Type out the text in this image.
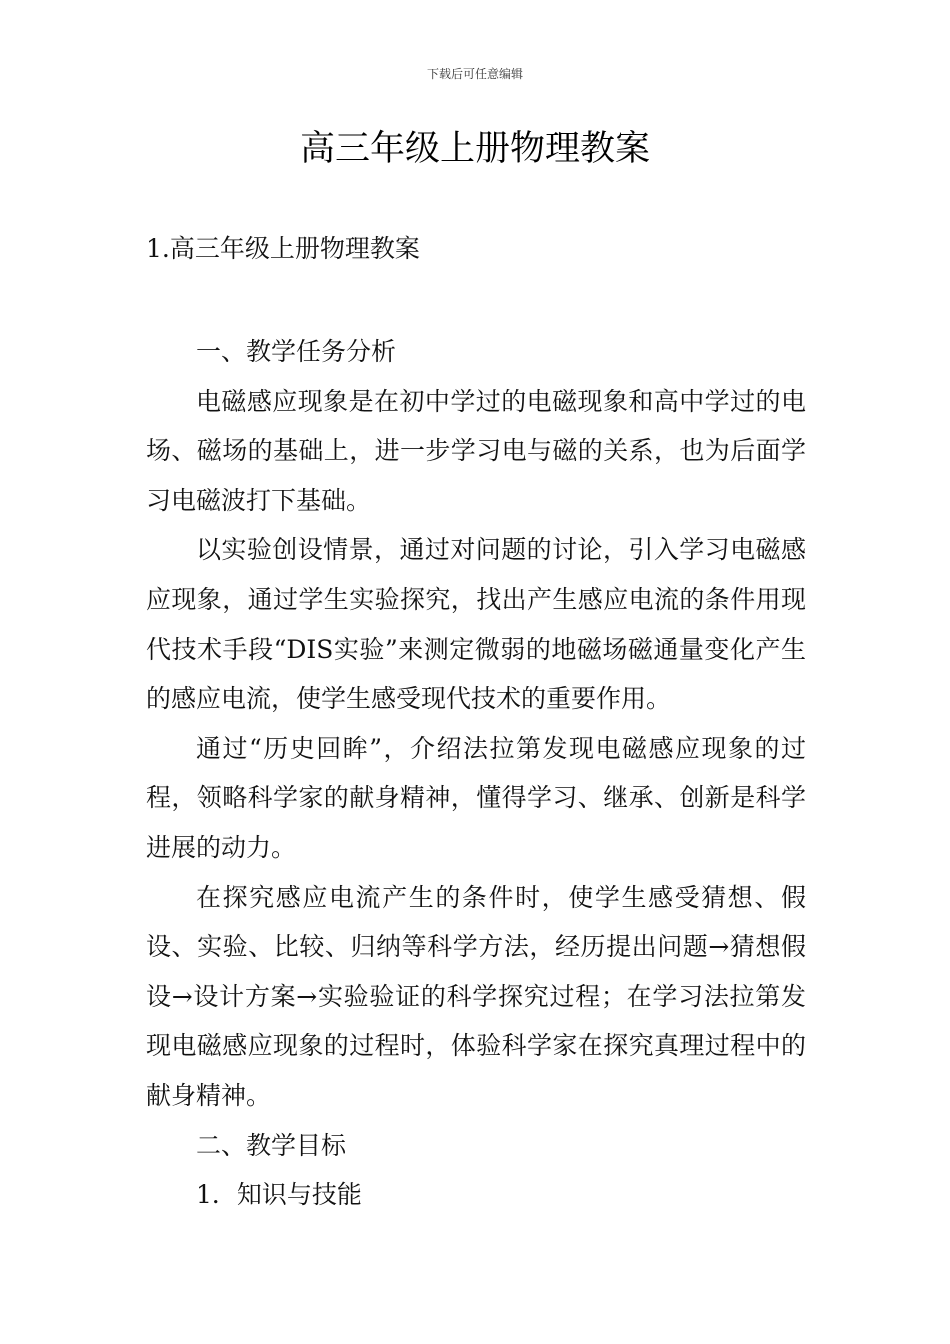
下载后可任意编辑
高三年级上册物理教案
1.高三年级上册物理教案

一、教学任务分析

电磁感应现象是在初中学过的电磁现象和高中学过的电场、磁场的基础上，进一步学习电与磁的关系，也为后面学习电磁波打下基础。

以实验创设情景，通过对问题的讨论，引入学习电磁感应现象，通过学生实验探究，找出产生感应电流的条件用现代技术手段“DIS实验”来测定微弱的地磁场磁通量变化产生的感应电流，使学生感受现代技术的重要作用。

通过“历史回眸”，介绍法拉第发现电磁感应现象的过程，领略科学家的献身精神，懂得学习、继承、创新是科学进展的动力。

在探究感应电流产生的条件时，使学生感受猜想、假设、实验、比较、归纳等科学方法，经历提出问题→猜想假设→设计方案→实验验证的科学探究过程；在学习法拉第发现电磁感应现象的过程时，体验科学家在探究真理过程中的献身精神。

二、教学目标

1．知识与技能
